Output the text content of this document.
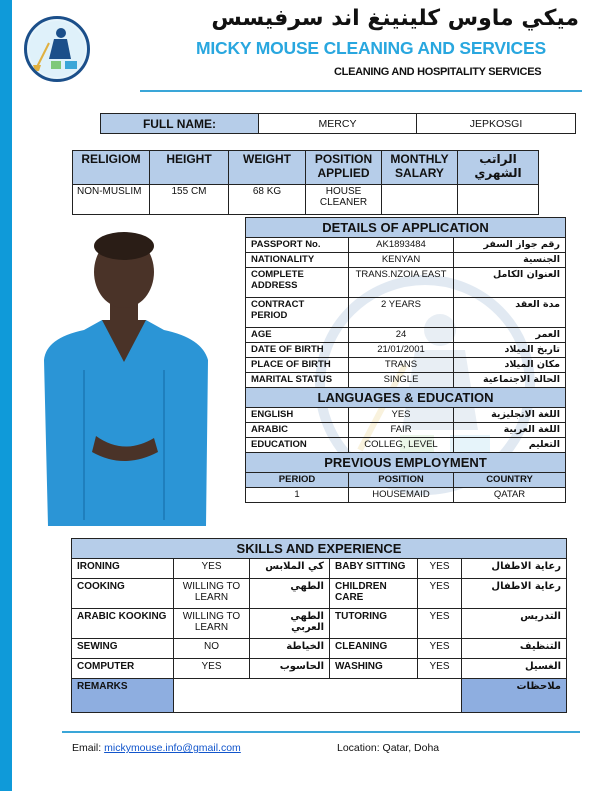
ميكي ماوس كلينينغ اند سرفيسس
MICKY MOUSE CLEANING AND SERVICES
CLEANING AND HOSPITALITY SERVICES
FULL NAME:	MERCY	JEPKOSGI
RELIGIOM	HEIGHT	WEIGHT	POSITION APPLIED	MONTHLY SALARY	الراتب الشهري
NON-MUSLIM	155 CM	68 KG	HOUSE CLEANER		
DETAILS OF APPLICATION		
PASSPORT No.	AK1893484	رقم جواز السفر
NATIONALITY	KENYAN	الجنسية
COMPLETE ADDRESS	TRANS.NZOIA EAST	العنوان الكامل
CONTRACT PERIOD	2 YEARS	مدة العقد
AGE	24	العمر
DATE OF BIRTH	21/01/2001	تاريخ الميلاد
PLACE OF BIRTH	TRANS	مكان الميلاد
MARITAL STATUS	SINGLE	الحالة الاجتماعية
LANGUAGES & EDUCATION		
ENGLISH	YES	اللغة الانجليزية
ARABIC	FAIR	اللغة العربية
EDUCATION	COLLEG, LEVEL	التعليم
PREVIOUS EMPLOYMENT		
PERIOD	POSITION	COUNTRY
1	HOUSEMAID	QATAR
SKILLS AND EXPERIENCE					
IRONING	YES	كي الملابس	BABY SITTING	YES	رعاية الاطفال
COOKING	WILLING TO LEARN	الطهي	CHILDREN CARE	YES	رعاية الاطفال
ARABIC KOOKING	WILLING TO LEARN	الطهي العربي	TUTORING	YES	التدريس
SEWING	NO	الخياطة	CLEANING	YES	التنظيف
COMPUTER	YES	الحاسوب	WASHING	YES	الغسيل
REMARKS					ملاحظات
Email: mickymouse.info@gmail.com	Location: Qatar, Doha
